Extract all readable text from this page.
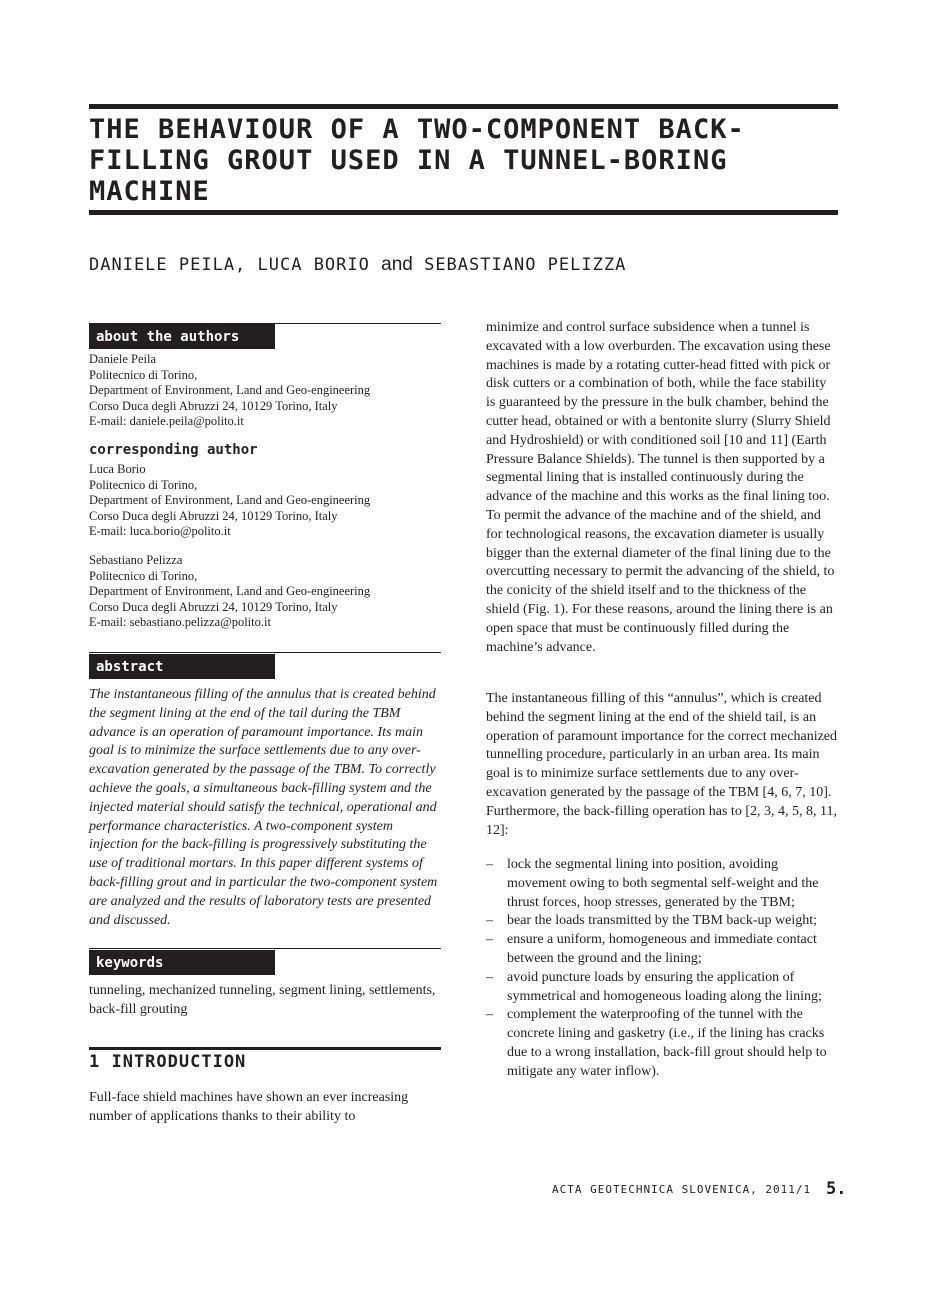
THE BEHAVIOUR OF A TWO-COMPONENT BACK-FILLING GROUT USED IN A TUNNEL-BORING MACHINE
DANIELE PEILA, LUCA BORIO and SEBASTIANO PELIZZA
about the authors
Daniele Peila
Politecnico di Torino,
Department of Environment, Land and Geo-engineering
Corso Duca degli Abruzzi 24, 10129 Torino, Italy
E-mail: daniele.peila@polito.it
corresponding author
Luca Borio
Politecnico di Torino,
Department of Environment, Land and Geo-engineering
Corso Duca degli Abruzzi 24, 10129 Torino, Italy
E-mail: luca.borio@polito.it
Sebastiano Pelizza
Politecnico di Torino,
Department of Environment, Land and Geo-engineering
Corso Duca degli Abruzzi 24, 10129 Torino, Italy
E-mail: sebastiano.pelizza@polito.it
abstract
The instantaneous filling of the annulus that is created behind the segment lining at the end of the tail during the TBM advance is an operation of paramount importance. Its main goal is to minimize the surface settlements due to any over-excavation generated by the passage of the TBM. To correctly achieve the goals, a simultaneous back-filling system and the injected material should satisfy the technical, operational and performance characteristics. A two-component system injection for the back-filling is progressively substituting the use of traditional mortars. In this paper different systems of back-filling grout and in particular the two-component system are analyzed and the results of laboratory tests are presented and discussed.
keywords
tunneling, mechanized tunneling, segment lining, settlements, back-fill grouting
1 INTRODUCTION
Full-face shield machines have shown an ever increasing number of applications thanks to their ability to
minimize and control surface subsidence when a tunnel is excavated with a low overburden. The excavation using these machines is made by a rotating cutter-head fitted with pick or disk cutters or a combination of both, while the face stability is guaranteed by the pressure in the bulk chamber, behind the cutter head, obtained or with a bentonite slurry (Slurry Shield and Hydroshield) or with conditioned soil [10 and 11] (Earth Pressure Balance Shields). The tunnel is then supported by a segmental lining that is installed continuously during the advance of the machine and this works as the final lining too. To permit the advance of the machine and of the shield, and for technological reasons, the excavation diameter is usually bigger than the external diameter of the final lining due to the overcutting necessary to permit the advancing of the shield, to the conicity of the shield itself and to the thickness of the shield (Fig. 1). For these reasons, around the lining there is an open space that must be continuously filled during the machine’s advance.
The instantaneous filling of this “annulus”, which is created behind the segment lining at the end of the shield tail, is an operation of paramount importance for the correct mechanized tunnelling procedure, particularly in an urban area. Its main goal is to minimize surface settlements due to any over-excavation generated by the passage of the TBM [4, 6, 7, 10]. Furthermore, the back-filling operation has to [2, 3, 4, 5, 8, 11, 12]:
– lock the segmental lining into position, avoiding movement owing to both segmental self-weight and the thrust forces, hoop stresses, generated by the TBM;
– bear the loads transmitted by the TBM back-up weight;
– ensure a uniform, homogeneous and immediate contact between the ground and the lining;
– avoid puncture loads by ensuring the application of symmetrical and homogeneous loading along the lining;
– complement the waterproofing of the tunnel with the concrete lining and gasketry (i.e., if the lining has cracks due to a wrong installation, back-fill grout should help to mitigate any water inflow).
ACTA GEOTECHNICA SLOVENICA, 2011/1 5.
